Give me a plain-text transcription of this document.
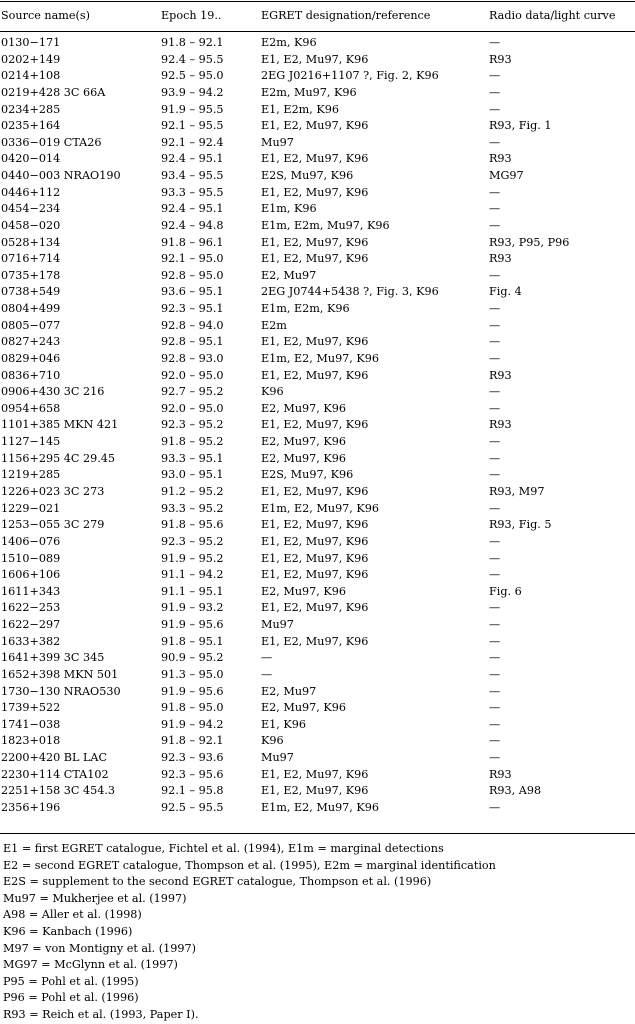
Source name(s)	Epoch 19..	EGRET designation/reference	Radio data/light curve
0130−171	91.8 – 92.1	E2m, K96	—
0202+149	92.4 – 95.5	E1, E2, Mu97, K96	R93
0214+108	92.5 – 95.0	2EG J0216+1107 ?, Fig. 2, K96	—
0219+428 3C 66A	93.9 – 94.2	E2m, Mu97, K96	—
0234+285	91.9 – 95.5	E1, E2m, K96	—
0235+164	92.1 – 95.5	E1, E2, Mu97, K96	R93, Fig. 1
0336−019 CTA26	92.1 – 92.4	Mu97	—
0420−014	92.4 – 95.1	E1, E2, Mu97, K96	R93
0440−003 NRAO190	93.4 – 95.5	E2S, Mu97, K96	MG97
0446+112	93.3 – 95.5	E1, E2, Mu97, K96	—
0454−234	92.4 – 95.1	E1m, K96	—
0458−020	92.4 – 94.8	E1m, E2m, Mu97, K96	—
0528+134	91.8 – 96.1	E1, E2, Mu97, K96	R93, P95, P96
0716+714	92.1 – 95.0	E1, E2, Mu97, K96	R93
0735+178	92.8 – 95.0	E2, Mu97	—
0738+549	93.6 – 95.1	2EG J0744+5438 ?, Fig. 3, K96	Fig. 4
0804+499	92.3 – 95.1	E1m, E2m, K96	—
0805−077	92.8 – 94.0	E2m	—
0827+243	92.8 – 95.1	E1, E2, Mu97, K96	—
0829+046	92.8 – 93.0	E1m, E2, Mu97, K96	—
0836+710	92.0 – 95.0	E1, E2, Mu97, K96	R93
0906+430 3C 216	92.7 – 95.2	K96	—
0954+658	92.0 – 95.0	E2, Mu97, K96	—
1101+385 MKN 421	92.3 – 95.2	E1, E2, Mu97, K96	R93
1127−145	91.8 – 95.2	E2, Mu97, K96	—
1156+295 4C 29.45	93.3 – 95.1	E2, Mu97, K96	—
1219+285	93.0 – 95.1	E2S, Mu97, K96	—
1226+023 3C 273	91.2 – 95.2	E1, E2, Mu97, K96	R93, M97
1229−021	93.3 – 95.2	E1m, E2, Mu97, K96	—
1253−055 3C 279	91.8 – 95.6	E1, E2, Mu97, K96	R93, Fig. 5
1406−076	92.3 – 95.2	E1, E2, Mu97, K96	—
1510−089	91.9 – 95.2	E1, E2, Mu97, K96	—
1606+106	91.1 – 94.2	E1, E2, Mu97, K96	—
1611+343	91.1 – 95.1	E2, Mu97, K96	Fig. 6
1622−253	91.9 – 93.2	E1, E2, Mu97, K96	—
1622−297	91.9 – 95.6	Mu97	—
1633+382	91.8 – 95.1	E1, E2, Mu97, K96	—
1641+399 3C 345	90.9 – 95.2	—	—
1652+398 MKN 501	91.3 – 95.0	—	—
1730−130 NRAO530	91.9 – 95.6	E2, Mu97	—
1739+522	91.8 – 95.0	E2, Mu97, K96	—
1741−038	91.9 – 94.2	E1, K96	—
1823+018	91.8 – 92.1	K96	—
2200+420 BL LAC	92.3 – 93.6	Mu97	—
2230+114 CTA102	92.3 – 95.6	E1, E2, Mu97, K96	R93
2251+158 3C 454.3	92.1 – 95.8	E1, E2, Mu97, K96	R93, A98
2356+196	92.5 – 95.5	E1m, E2, Mu97, K96	—
E1 = first EGRET catalogue, Fichtel et al. (1994), E1m = marginal detections
E2 = second EGRET catalogue, Thompson et al. (1995), E2m = marginal identification
E2S = supplement to the second EGRET catalogue, Thompson et al. (1996)
Mu97 = Mukherjee et al. (1997)
A98 = Aller et al. (1998)
K96 = Kanbach (1996)
M97 = von Montigny et al. (1997)
MG97 = McGlynn et al. (1997)
P95 = Pohl et al. (1995)
P96 = Pohl et al. (1996)
R93 = Reich et al. (1993, Paper I).
